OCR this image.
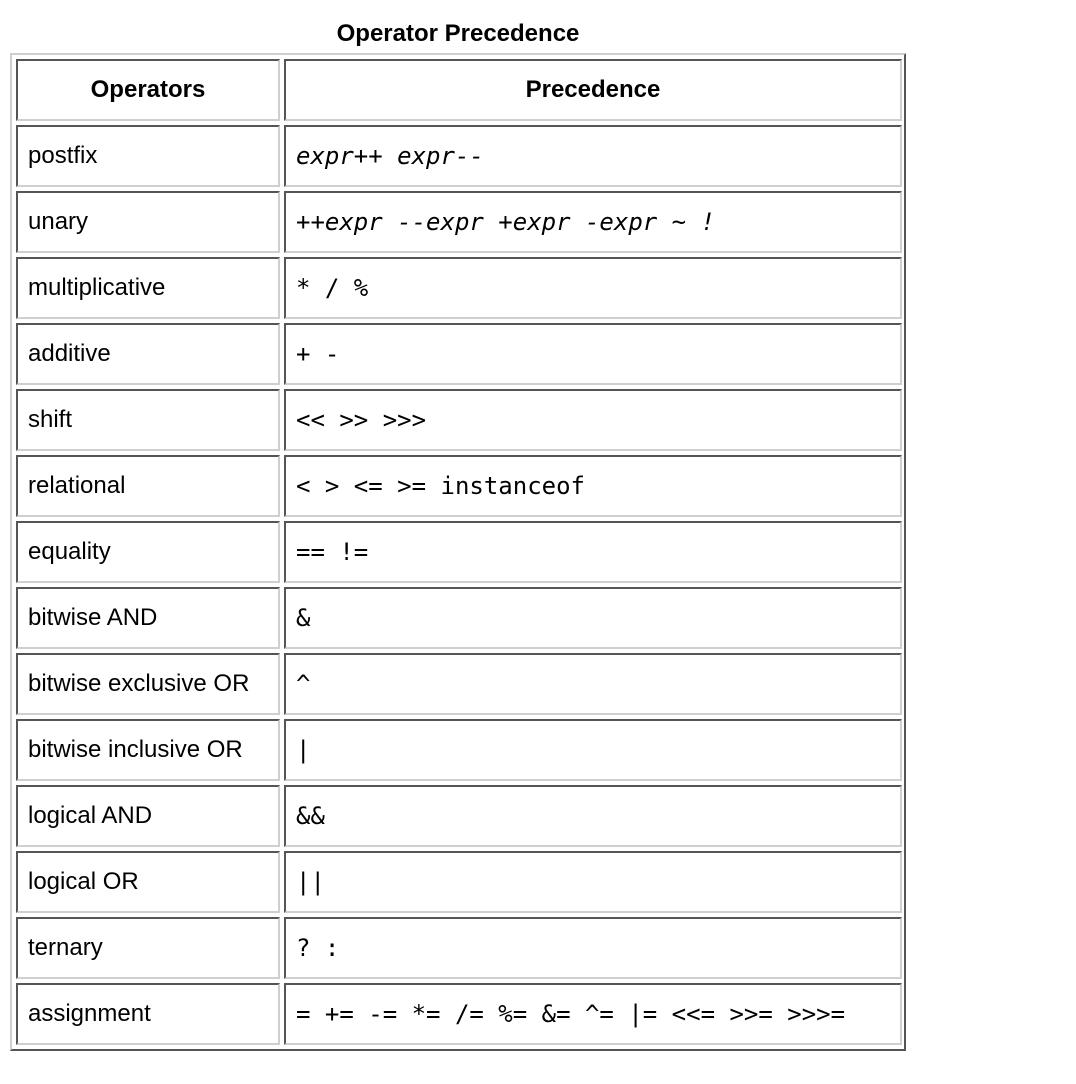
Operator Precedence
Operators	Precedence
postfix	expr++ expr--
unary	++expr --expr +expr -expr ~ !
multiplicative	* / %
additive	+ -
shift	<< >> >>>
relational	< > <= >= instanceof
equality	== !=
bitwise AND	&
bitwise exclusive OR	^
bitwise inclusive OR	|
logical AND	&&
logical OR	||
ternary	? :
assignment	= += -= *= /= %= &= ^= |= <<= >>= >>>=
